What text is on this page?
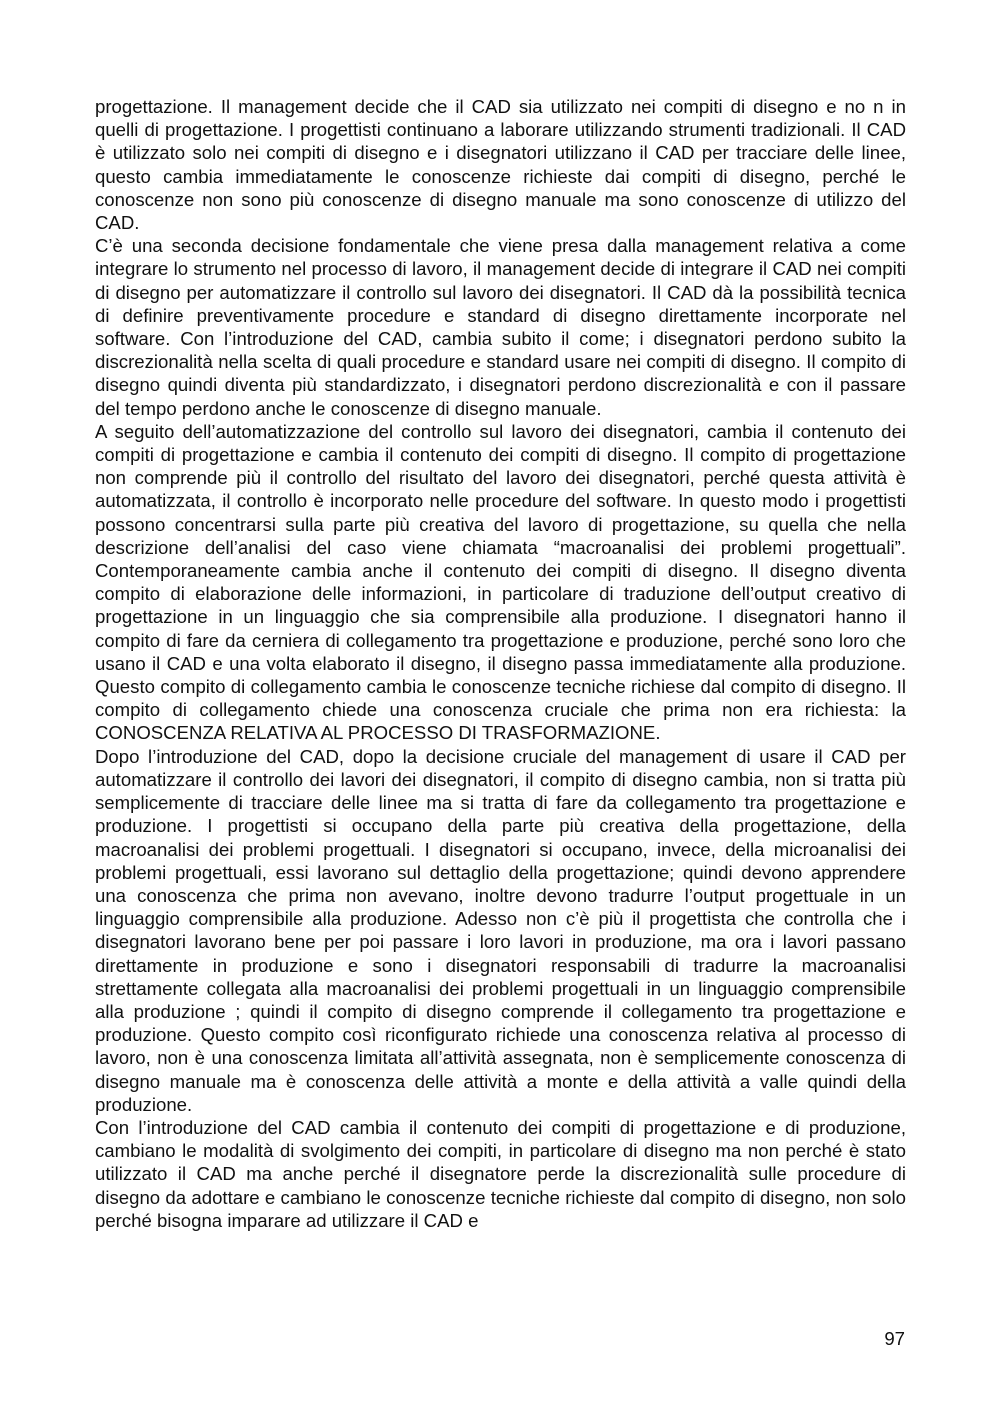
progettazione. Il management decide che il CAD sia utilizzato nei compiti di disegno e no n in quelli di progettazione. I progettisti continuano a laborare utilizzando strumenti tradizionali. Il CAD è utilizzato solo nei compiti di disegno e i disegnatori utilizzano il CAD per tracciare delle linee, questo cambia immediatamente le conoscenze richieste dai compiti di disegno, perché le conoscenze non sono più conoscenze di disegno manuale ma sono conoscenze di utilizzo del CAD.

C’è una seconda decisione fondamentale che viene presa dalla management relativa a come integrare lo strumento nel processo di lavoro, il management decide di integrare il CAD nei compiti di disegno per automatizzare il controllo sul lavoro dei disegnatori. Il CAD dà la possibilità tecnica di definire preventivamente procedure e standard di disegno direttamente incorporate nel software. Con l’introduzione del CAD, cambia subito il come; i disegnatori perdono subito la discrezionalità nella scelta di quali procedure e standard usare nei compiti di disegno. Il compito di disegno quindi diventa più standardizzato, i disegnatori perdono discrezionalità e con il passare del tempo perdono anche le conoscenze di disegno manuale.

A seguito dell’automatizzazione del controllo sul lavoro dei disegnatori, cambia il contenuto dei compiti di progettazione e cambia il contenuto dei compiti di disegno. Il compito di progettazione non comprende più il controllo del risultato del lavoro dei disegnatori, perché questa attività è automatizzata, il controllo è incorporato nelle procedure del software. In questo modo i progettisti possono concentrarsi sulla parte più creativa del lavoro di progettazione, su quella che nella descrizione dell’analisi del caso viene chiamata “macroanalisi dei problemi progettuali”. Contemporaneamente cambia anche il contenuto dei compiti di disegno. Il disegno diventa compito di elaborazione delle informazioni, in particolare di traduzione dell’output creativo di progettazione in un linguaggio che sia comprensibile alla produzione. I disegnatori hanno il compito di fare da cerniera di collegamento tra progettazione e produzione, perché sono loro che usano il CAD e una volta elaborato il disegno, il disegno passa immediatamente alla produzione. Questo compito di collegamento cambia le conoscenze tecniche richiese dal compito di disegno. Il compito di collegamento chiede una conoscenza cruciale che prima non era richiesta: la CONOSCENZA RELATIVA AL PROCESSO DI TRASFORMAZIONE.

Dopo l’introduzione del CAD, dopo la decisione cruciale del management di usare il CAD per automatizzare il controllo dei lavori dei disegnatori, il compito di disegno cambia, non si tratta più semplicemente di tracciare delle linee ma si tratta di fare da collegamento tra progettazione e produzione. I progettisti si occupano della parte più creativa della progettazione, della macroanalisi dei problemi progettuali. I disegnatori si occupano, invece, della microanalisi dei problemi progettuali, essi lavorano sul dettaglio della progettazione; quindi devono apprendere una conoscenza che prima non avevano, inoltre devono tradurre l’output progettuale in un linguaggio comprensibile alla produzione. Adesso non c’è più il progettista che controlla che i disegnatori lavorano bene per poi passare i loro lavori in produzione, ma ora i lavori passano direttamente in produzione e sono i disegnatori responsabili di tradurre la macroanalisi strettamente collegata alla macroanalisi dei problemi progettuali in un linguaggio comprensibile alla produzione ; quindi il compito di disegno comprende il collegamento tra progettazione e produzione. Questo compito così riconfigurato richiede una conoscenza relativa al processo di lavoro, non è una conoscenza limitata all’attività assegnata, non è semplicemente conoscenza di disegno manuale ma è conoscenza delle attività a monte e della attività a valle quindi della produzione.

Con l’introduzione del CAD cambia il contenuto dei compiti di progettazione e di produzione, cambiano le modalità di svolgimento dei compiti, in particolare di disegno ma non perché è stato utilizzato il CAD ma anche perché il disegnatore perde la discrezionalità sulle procedure di disegno da adottare e cambiano le conoscenze tecniche richieste dal compito di disegno, non solo perché bisogna imparare ad utilizzare il CAD e

97
